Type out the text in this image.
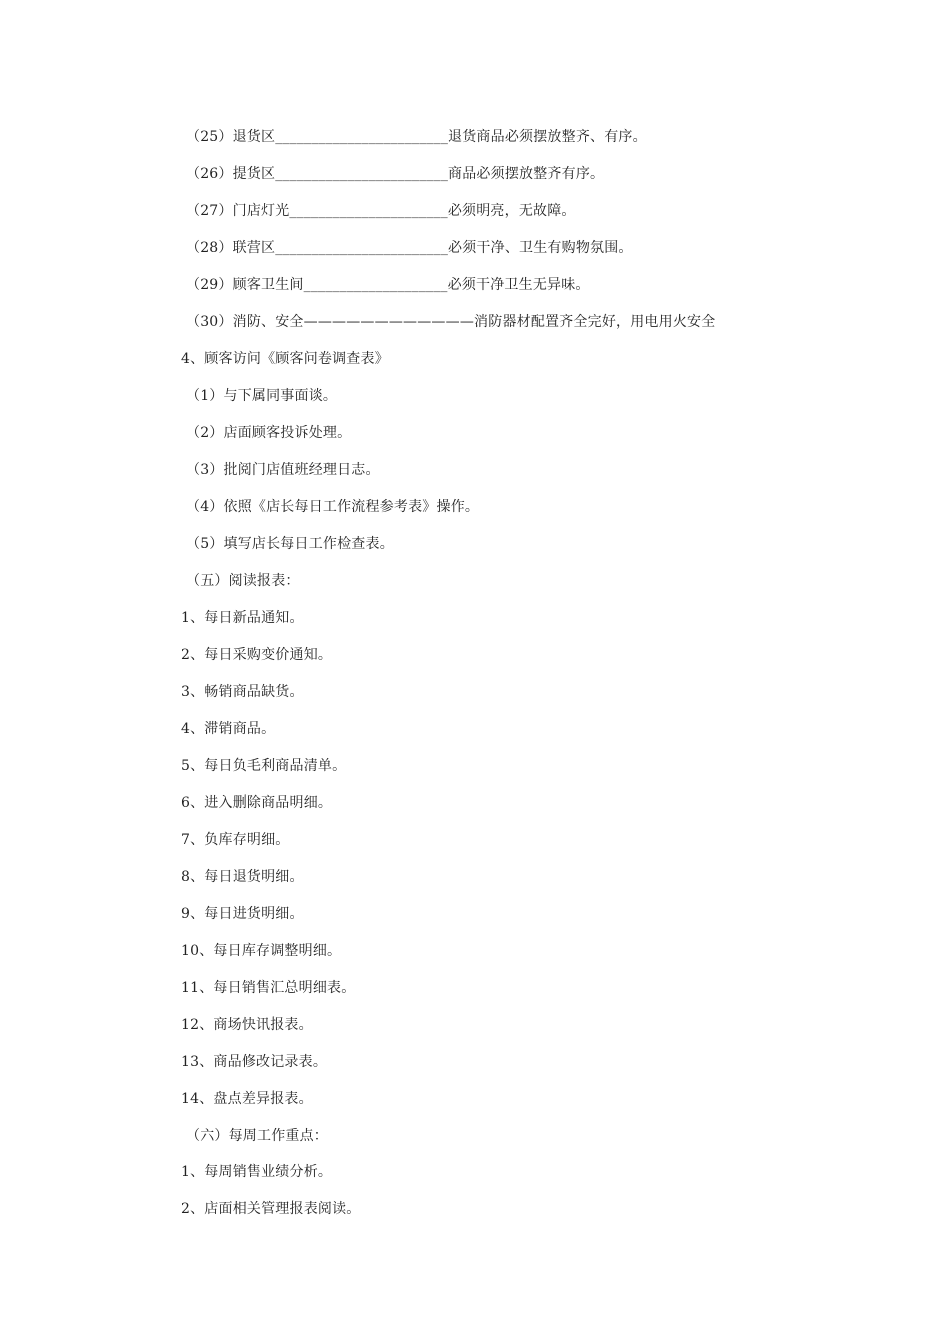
（25）退货区________________________退货商品必须摆放整齐、有序。
（26）提货区________________________商品必须摆放整齐有序。
（27）门店灯光______________________必须明亮，无故障。
（28）联营区________________________必须干净、卫生有购物氛围。
（29）顾客卫生间____________________必须干净卫生无异味。
（30）消防、安全————————————消防器材配置齐全完好，用电用火安全
4、顾客访问《顾客问卷调查表》
（1）与下属同事面谈。
（2）店面顾客投诉处理。
（3）批阅门店值班经理日志。
（4）依照《店长每日工作流程参考表》操作。
（5）填写店长每日工作检查表。
（五）阅读报表：
1、每日新品通知。
2、每日采购变价通知。
3、畅销商品缺货。
4、滞销商品。
5、每日负毛利商品清单。
6、进入删除商品明细。
7、负库存明细。
8、每日退货明细。
9、每日进货明细。
10、每日库存调整明细。
11、每日销售汇总明细表。
12、商场快讯报表。
13、商品修改记录表。
14、盘点差异报表。
（六）每周工作重点：
1、每周销售业绩分析。
2、店面相关管理报表阅读。
